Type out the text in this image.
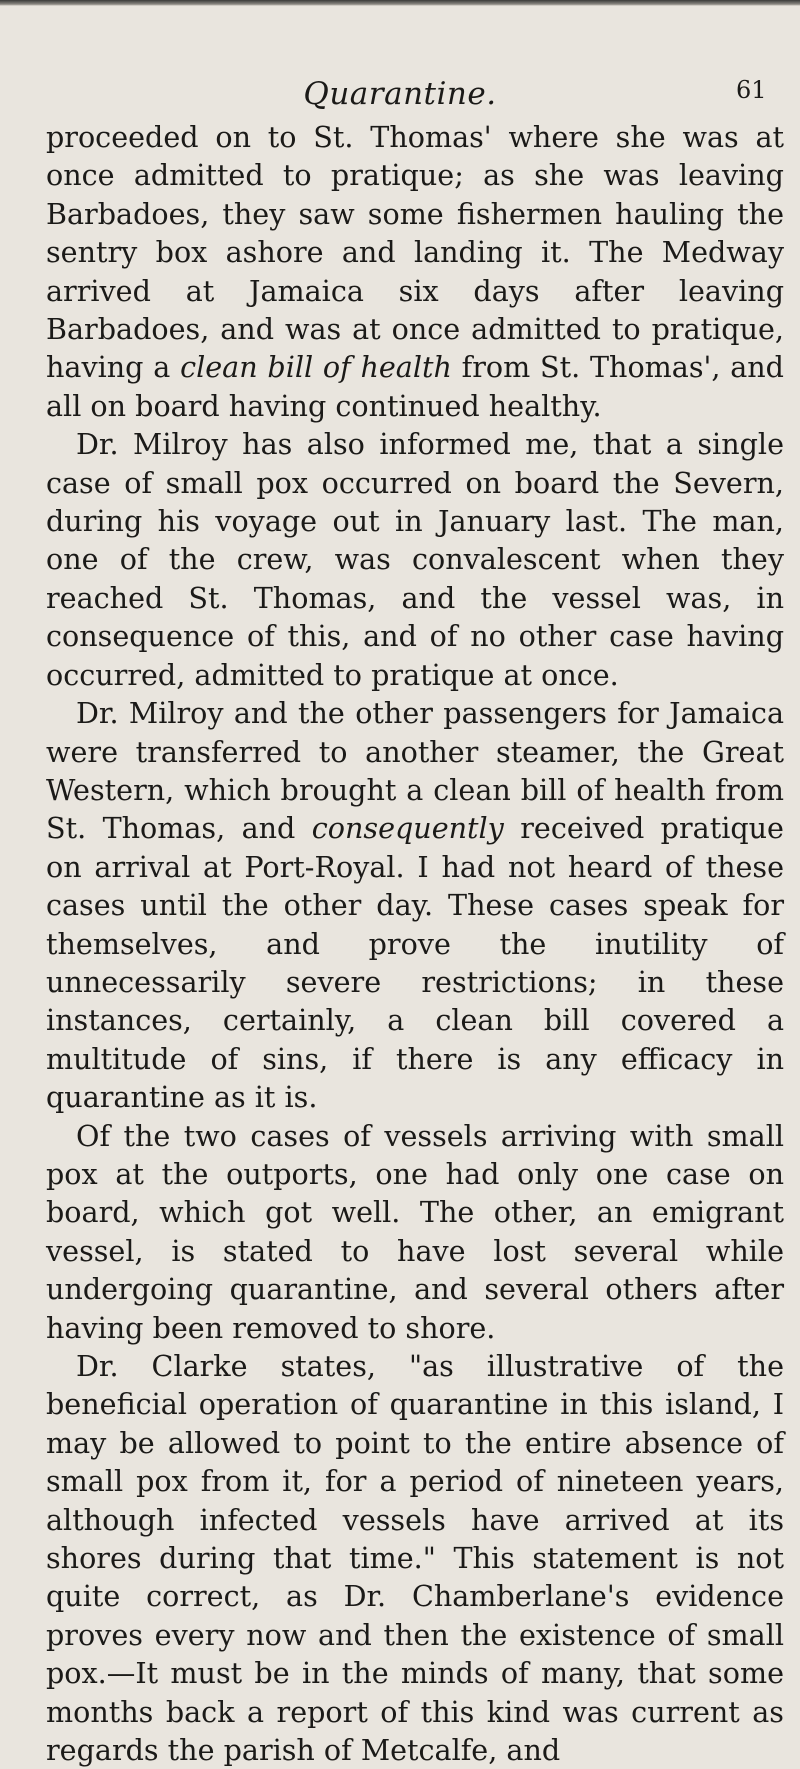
Quarantine.	61

proceeded on to St. Thomas' where she was at once admitted to pratique; as she was leaving Barbadoes, they saw some fishermen hauling the sentry box ashore and landing it. The Medway arrived at Jamaica six days after leaving Barbadoes, and was at once admitted to pratique, having a clean bill of health from St. Thomas', and all on board having continued healthy.

Dr. Milroy has also informed me, that a single case of small pox occurred on board the Severn, during his voyage out in January last. The man, one of the crew, was convalescent when they reached St. Thomas, and the vessel was, in consequence of this, and of no other case having occurred, admitted to pratique at once.

Dr. Milroy and the other passengers for Jamaica were transferred to another steamer, the Great Western, which brought a clean bill of health from St. Thomas, and consequently received pratique on arrival at Port-Royal. I had not heard of these cases until the other day. These cases speak for themselves, and prove the inutility of unnecessarily severe restrictions; in these instances, certainly, a clean bill covered a multitude of sins, if there is any efficacy in quarantine as it is.

Of the two cases of vessels arriving with small pox at the outports, one had only one case on board, which got well. The other, an emigrant vessel, is stated to have lost several while undergoing quarantine, and several others after having been removed to shore.

Dr. Clarke states, "as illustrative of the beneficial operation of quarantine in this island, I may be allowed to point to the entire absence of small pox from it, for a period of nineteen years, although infected vessels have arrived at its shores during that time." This statement is not quite correct, as Dr. Chamberlane's evidence proves every now and then the existence of small pox.—It must be in the minds of many, that some months back a report of this kind was current as regards the parish of Metcalfe, and
